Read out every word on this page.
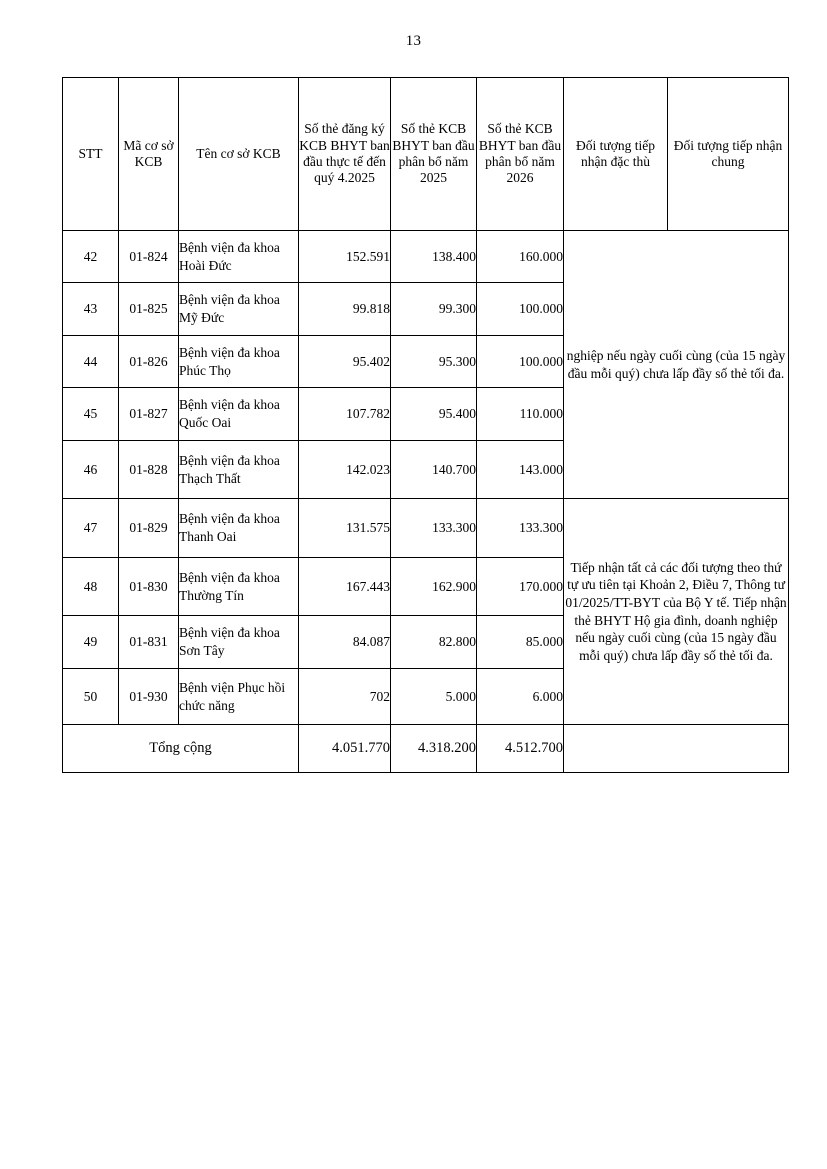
13
STT	Mã cơ sở KCB	Tên cơ sở KCB	Số thẻ đăng ký KCB BHYT ban đầu thực tế đến quý 4.2025	Số thẻ KCB BHYT ban đầu phân bổ năm 2025	Số thẻ KCB BHYT ban đầu phân bổ năm 2026	Đối tượng tiếp nhận đặc thù	Đối tượng tiếp nhận chung
42	01-824	Bệnh viện đa khoa Hoài Đức	152.591	138.400	160.000	nghiệp nếu ngày cuối cùng (của 15 ngày đầu mỗi quý) chưa lấp đầy số thẻ tối đa.	
43	01-825	Bệnh viện đa khoa Mỹ Đức	99.818	99.300	100.000		
44	01-826	Bệnh viện đa khoa Phúc Thọ	95.402	95.300	100.000		
45	01-827	Bệnh viện đa khoa Quốc Oai	107.782	95.400	110.000		
46	01-828	Bệnh viện đa khoa Thạch Thất	142.023	140.700	143.000		
47	01-829	Bệnh viện đa khoa Thanh Oai	131.575	133.300	133.300	Tiếp nhận tất cả các đối tượng theo thứ tự ưu tiên tại Khoản 2, Điều 7, Thông tư 01/2025/TT-BYT của Bộ Y tế. Tiếp nhận thẻ BHYT Hộ gia đình, doanh nghiệp nếu ngày cuối cùng (của 15 ngày đầu mỗi quý) chưa lấp đầy số thẻ tối đa.	
48	01-830	Bệnh viện đa khoa Thường Tín	167.443	162.900	170.000		
49	01-831	Bệnh viện đa khoa Sơn Tây	84.087	82.800	85.000		
50	01-930	Bệnh viện Phục hồi chức năng	702	5.000	6.000		
Tổng cộng			4.051.770	4.318.200	4.512.700		
